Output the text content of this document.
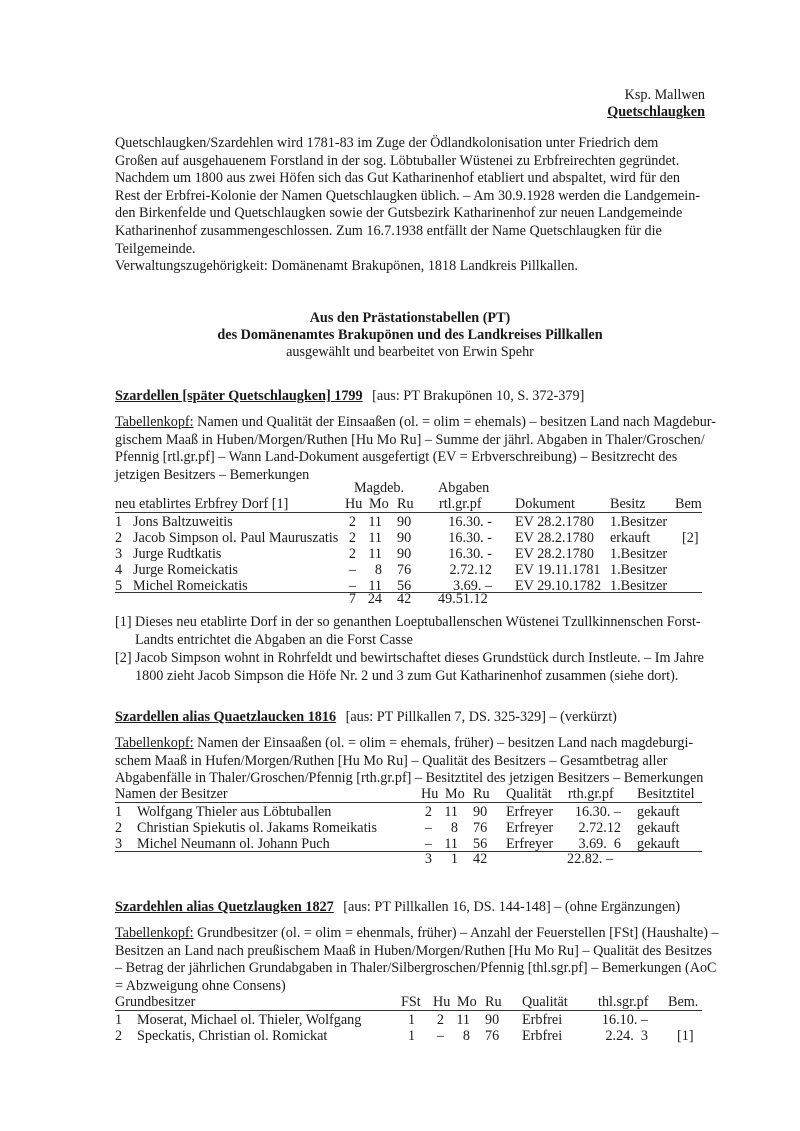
Ksp. Mallwen
Quetschlaugken
Quetschlaugken/Szardehlen wird 1781-83 im Zuge der Ödlandkolonisation unter Friedrich dem
Großen auf ausgehauenem Forstland in der sog. Löbtuballer Wüstenei zu Erbfreirechten gegründet.
Nachdem um 1800 aus zwei Höfen sich das Gut Katharinenhof etabliert und abspaltet, wird für den
Rest der Erbfrei-Kolonie der Namen Quetschlaugken üblich. – Am 30.9.1928 werden die Landgemein-
den Birkenfelde und Quetschlaugken sowie der Gutsbezirk Katharinenhof zur neuen Landgemeinde
Katharinenhof zusammengeschlossen. Zum 16.7.1938 entfällt der Name Quetschlaugken für die
Teilgemeinde.
Verwaltungszugehörigkeit: Domänenamt Brakupönen, 1818 Landkreis Pillkallen.
Aus den Prästationstabellen (PT)
des Domänenamtes Brakupönen und des Landkreises Pillkallen
ausgewählt und bearbeitet von Erwin Spehr
Szardellen [später Quetschlaugken] 1799 [aus: PT Brakupönen 10, S. 372-379]
Tabellenkopf: Namen und Qualität der Einsaaßen (ol. = olim = ehemals) – besitzen Land nach Magdebur-
gischem Maaß in Huben/Morgen/Ruthen [Hu Mo Ru] – Summe der jährl. Abgaben in Thaler/Groschen/
Pfennig [rtl.gr.pf] – Wann Land-Dokument ausgefertigt (EV = Erbverschreibung) – Besitzrecht des
jetzigen Besitzers – Bemerkungen
Magdeb. Abgaben
neu etablirtes Erbfrey Dorf [1]	Hu Mo Ru rtl.gr.pf Dokument Besitz Bem
1 Jons Baltzuweitis	2 11 90	16.30. - EV 28.2.1780 1.Besitzer
2 Jacob Simpson ol. Paul Mauruszatis 2 11 90	16.30. - EV 28.2.1780 erkauft [2]
3 Jurge Rudtkatis	2 11 90	16.30. - EV 28.2.1780 1.Besitzer
4 Jurge Romeickatis	–	8 76	2.72.12 EV 19.11.1781 1.Besitzer
5 Michel Romeickatis	– 11 56	3.69. – EV 29.10.1782 1.Besitzer
7 24 42 49.51.12
[1] Dieses neu etablirte Dorf in der so genanthen Loeptuballenschen Wüstenei Tzullkinnenschen Forst-
Landts entrichtet die Abgaben an die Forst Casse
[2] Jacob Simpson wohnt in Rohrfeldt und bewirtschaftet dieses Grundstück durch Instleute. – Im Jahre
1800 zieht Jacob Simpson die Höfe Nr. 2 und 3 zum Gut Katharinenhof zusammen (siehe dort).
Szardellen alias Quaetzlaucken 1816 [aus: PT Pillkallen 7, DS. 325-329] – (verkürzt)
Tabellenkopf: Namen der Einsaaßen (ol. = olim = ehemals, früher) – besitzen Land nach magdeburgi-
schem Maaß in Hufen/Morgen/Ruthen [Hu Mo Ru] – Qualität des Besitzers – Gesamtbetrag aller
Abgabenfälle in Thaler/Groschen/Pfennig [rth.gr.pf] – Besitztitel des jetzigen Besitzers – Bemerkungen
Namen der Besitzer	Hu Mo Ru Qualität rth.gr.pf Besitztitel
1 Wolfgang Thieler aus Löbtuballen	2 11 90 Erfreyer	16.30. – gekauft
2 Christian Spiekutis ol. Jakams Romeikatis	–	8 76 Erfreyer	2.72.12 gekauft
3 Michel Neumann ol. Johann Puch	– 11 56 Erfreyer	3.69.  6 gekauft
3	1 42	22.82. –
Szardehlen alias Quetzlaugken 1827 [aus: PT Pillkallen 16, DS. 144-148] – (ohne Ergänzungen)
Tabellenkopf: Grundbesitzer (ol. = olim = ehenmals, früher) – Anzahl der Feuerstellen [FSt] (Haushalte) –
Besitzen an Land nach preußischem Maaß in Huben/Morgen/Ruthen [Hu Mo Ru] – Qualität des Besitzes
– Betrag der jährlichen Grundabgaben in Thaler/Silbergroschen/Pfennig [thl.sgr.pf] – Bemerkungen (AoC
= Abzweigung ohne Consens)
Grundbesitzer	FSt Hu Mo Ru Qualität thl.sgr.pf Bem.
1 Moserat, Michael ol. Thieler, Wolfgang	1	2 11 90 Erbfrei	16.10. –
2 Speckatis, Christian ol. Romickat	1	–	8 76 Erbfrei	2.24.  3 [1]
